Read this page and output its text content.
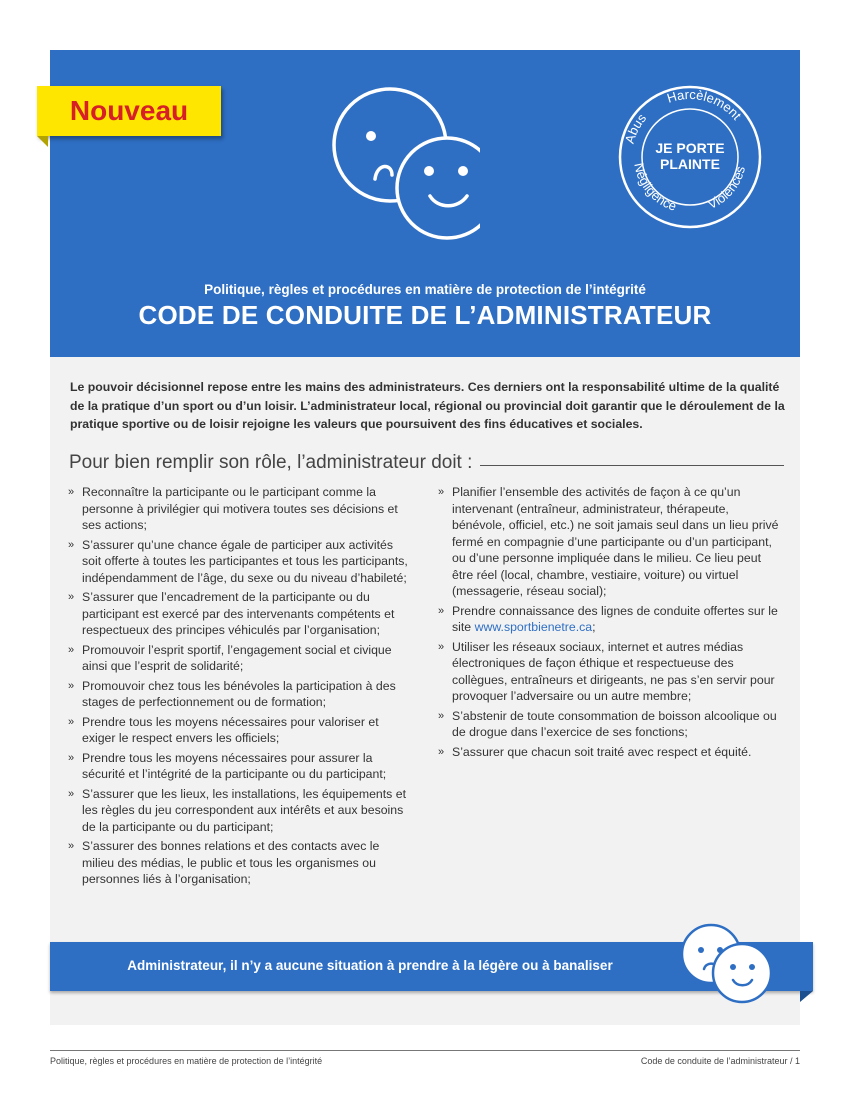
Nouveau
Abus
Harcèlement
Négligence Violences
JE PORTE
PLAINTE
Politique, règles et procédures en matière de protection de l’intégrité
CODE DE CONDUITE DE L’ADMINISTRATEUR
Le pouvoir décisionnel repose entre les mains des administrateurs. Ces derniers ont la responsabilité ultime de la qualité de la pratique d’un sport ou d’un loisir. L’administrateur local, régional ou provincial doit garantir que le déroulement de la pratique sportive ou de loisir rejoigne les valeurs que poursuivent des fins éducatives et sociales.
Pour bien remplir son rôle, l’administrateur doit :
» Reconnaître la participante ou le participant comme la personne à privilégier qui motivera toutes ses décisions et ses actions;
» S’assurer qu’une chance égale de participer aux activités soit offerte à toutes les participantes et tous les participants, indépendamment de l’âge, du sexe ou du niveau d’habileté;
» S’assurer que l’encadrement de la participante ou du participant est exercé par des intervenants compétents et respectueux des principes véhiculés par l’organisation;
» Promouvoir l’esprit sportif, l’engagement social et civique ainsi que l’esprit de solidarité;
» Promouvoir chez tous les bénévoles la participation à des stages de perfectionnement ou de formation;
» Prendre tous les moyens nécessaires pour valoriser et exiger le respect envers les officiels;
» Prendre tous les moyens nécessaires pour assurer la sécurité et l’intégrité de la participante ou du participant;
» S’assurer que les lieux, les installations, les équipements et les règles du jeu correspondent aux intérêts et aux besoins de la participante ou du participant;
» S’assurer des bonnes relations et des contacts avec le milieu des médias, le public et tous les organismes ou personnes liés à l’organisation;
» Planifier l’ensemble des activités de façon à ce qu’un intervenant (entraîneur, administrateur, thérapeute, bénévole, officiel, etc.) ne soit jamais seul dans un lieu privé fermé en compagnie d’une participante ou d’un participant, ou d’une personne impliquée dans le milieu. Ce lieu peut être réel (local, chambre, vestiaire, voiture) ou virtuel (messagerie, réseau social);
» Prendre connaissance des lignes de conduite offertes sur le site www.sportbienetre.ca;
» Utiliser les réseaux sociaux, internet et autres médias électroniques de façon éthique et respectueuse des collègues, entraîneurs et dirigeants, ne pas s’en servir pour provoquer l’adversaire ou un autre membre;
» S’abstenir de toute consommation de boisson alcoolique ou de drogue dans l’exercice de ses fonctions;
» S’assurer que chacun soit traité avec respect et équité.
Administrateur, il n’y a aucune situation à prendre à la légère ou à banaliser
Politique, règles et procédures en matière de protection de l’intégrité	Code de conduite de l’administrateur / 1
